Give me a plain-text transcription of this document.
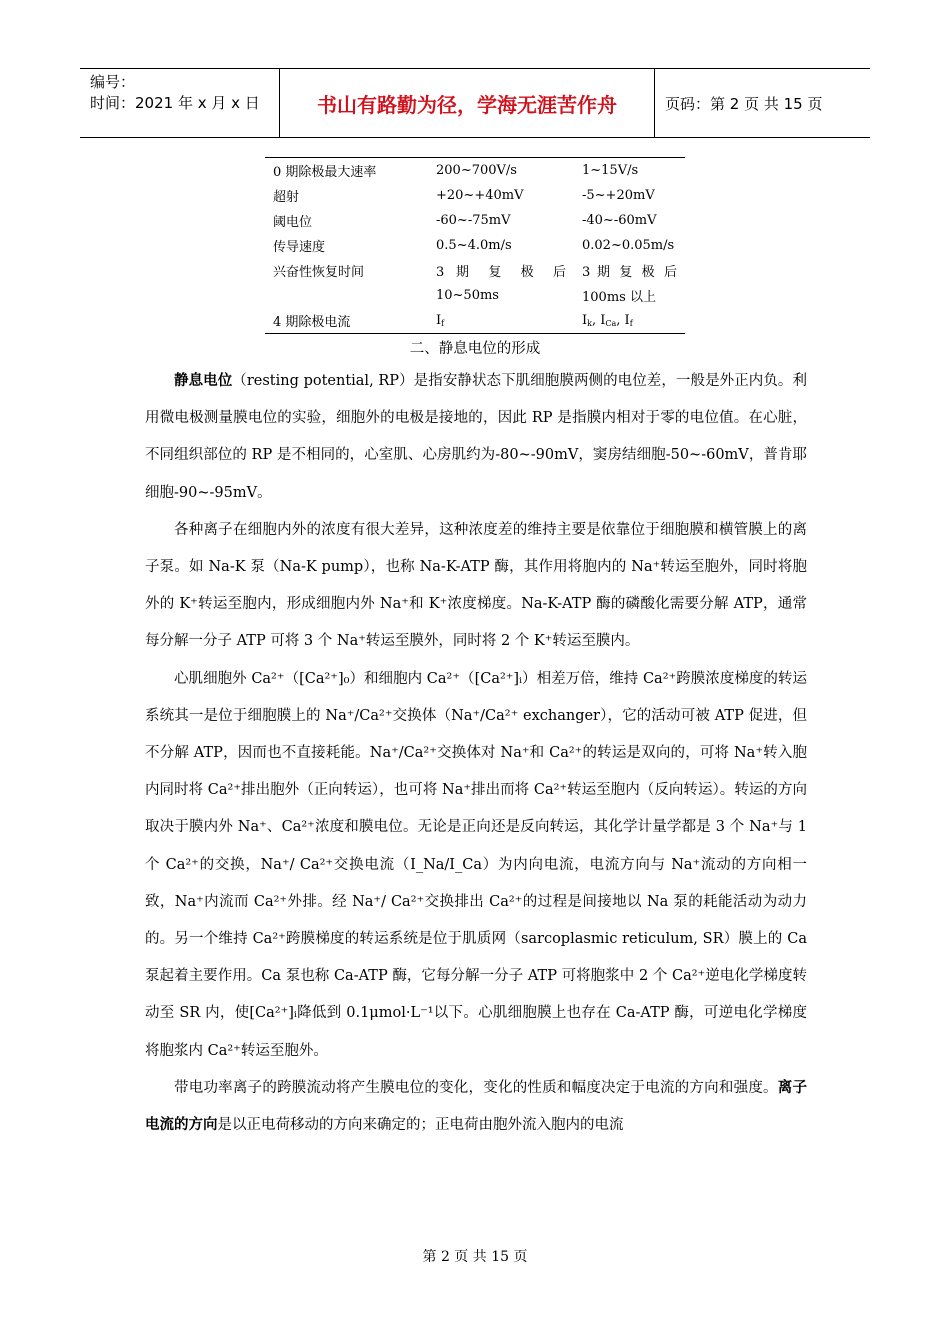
编号：
时间：2021 年 x 月 x 日	书山有路勤为径，学海无涯苦作舟	页码：第 2 页 共 15 页
0 期除极最大速率	200~700V/s	1~15V/s
超射	+20~+40mV	-5~+20mV
阈电位	-60~-75mV	-40~-60mV
传导速度	0.5~4.0m/s	0.02~0.05m/s
兴奋性恢复时间	3 期 复 极 后	3 期 复 极 后
	10~50ms	100ms 以上
4 期除极电流	$I_f$	$I_k$, $I_{Ca}$, $I_f$
二、静息电位的形成

静息电位（resting potential, RP）是指安静状态下肌细胞膜两侧的电位差，一般是外正内负。利用微电极测量膜电位的实验，细胞外的电极是接地的，因此 RP 是指膜内相对于零的电位值。在心脏，不同组织部位的 RP 是不相同的，心室肌、心房肌约为-80~-90mV，窦房结细胞-50~-60mV，普肯耶细胞-90~-95mV。

各种离子在细胞内外的浓度有很大差异，这种浓度差的维持主要是依靠位于细胞膜和横管膜上的离子泵。如 Na-K 泵（Na-K pump），也称 Na-K-ATP 酶，其作用将胞内的 Na⁺转运至胞外，同时将胞外的 K⁺转运至胞内，形成细胞内外 Na⁺和 K⁺浓度梯度。Na-K-ATP 酶的磷酸化需要分解 ATP，通常每分解一分子 ATP 可将 3 个 Na⁺转运至膜外，同时将 2 个 K⁺转运至膜内。

心肌细胞外 Ca²⁺（[Ca²⁺]₀）和细胞内 Ca²⁺（[Ca²⁺]ᵢ）相差万倍，维持 Ca²⁺跨膜浓度梯度的转运系统其一是位于细胞膜上的 Na⁺/Ca²⁺交换体（Na⁺/Ca²⁺ exchanger），它的活动可被 ATP 促进，但不分解 ATP，因而也不直接耗能。Na⁺/Ca²⁺交换体对 Na⁺和 Ca²⁺的转运是双向的，可将 Na⁺转入胞内同时将 Ca²⁺排出胞外（正向转运），也可将 Na⁺排出而将 Ca²⁺转运至胞内（反向转运）。转运的方向取决于膜内外 Na⁺、Ca²⁺浓度和膜电位。无论是正向还是反向转运，其化学计量学都是 3 个 Na⁺与 1 个 Ca²⁺的交换，Na⁺/ Ca²⁺交换电流（I_Na/I_Ca）为内向电流，电流方向与 Na⁺流动的方向相一致，Na⁺内流而 Ca²⁺外排。经 Na⁺/ Ca²⁺交换排出 Ca²⁺的过程是间接地以 Na 泵的耗能活动为动力的。另一个维持 Ca²⁺跨膜梯度的转运系统是位于肌质网（sarcoplasmic reticulum, SR）膜上的 Ca 泵起着主要作用。Ca 泵也称 Ca-ATP 酶，它每分解一分子 ATP 可将胞浆中 2 个 Ca²⁺逆电化学梯度转动至 SR 内，使[Ca²⁺]ᵢ降低到 0.1μmol·L⁻¹以下。心肌细胞膜上也存在 Ca-ATP 酶，可逆电化学梯度将胞浆内 Ca²⁺转运至胞外。

带电功率离子的跨膜流动将产生膜电位的变化，变化的性质和幅度决定于电流的方向和强度。离子电流的方向是以正电荷移动的方向来确定的；正电荷由胞外流入胞内的电流

第 2 页 共 15 页
